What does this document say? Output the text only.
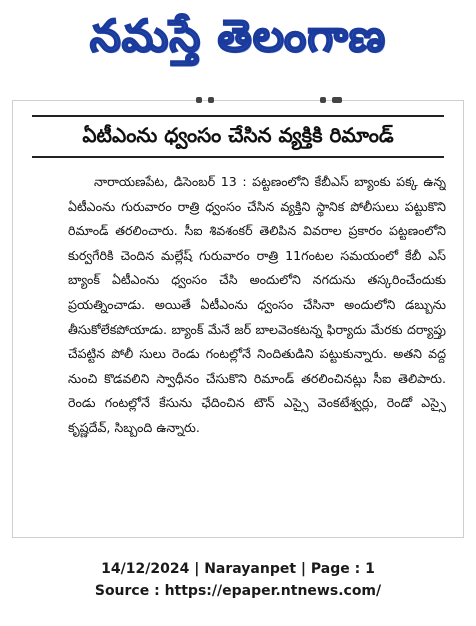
నమస్తే తెలంగాణ
ఏటీఎంను ధ్వంసం చేసిన వ్యక్తికి రిమాండ్

నారాయణపేట, డిసెంబర్ 13 : పట్టణంలోని కేబీఎస్ బ్యాంకు పక్క ఉన్న ఏటీఎంను గురువారం రాత్రి ధ్వంసం చేసిన వ్యక్తిని స్థానిక పోలీసులు పట్టుకొని రిమాండ్ తరలించారు. సీఐ శివశంకర్ తెలిపిన వివరాల ప్రకారం పట్టణంలోని కుర్వగేరికి చెందిన మల్లేష్ గురువారం రాత్రి 11గంటల సమయంలో కేబీ ఎస్ బ్యాంక్ ఏటీఎంను ధ్వంసం చేసి అందులోని నగదును తస్కరించేందుకు ప్రయత్నించాడు. అయితే ఏటీఎంను ధ్వంసం చేసినా అందులోని డబ్బును తీసుకోలేకపోయాడు. బ్యాంక్ మేనే జర్ బాలవెంకటన్న ఫిర్యాదు మేరకు దర్యాప్తు చేపట్టిన పోలీ సులు రెండు గంటల్లోనే నిందితుడిని పట్టుకున్నారు. అతని వద్ద నుంచి కొడవలిని స్వాధీనం చేసుకొని రిమాండ్ తరలించినట్లు సీఐ తెలిపారు. రెండు గంటల్లోనే కేసును ఛేదించిన టౌన్ ఎస్సై వెంకటేశ్వర్లు, రెండో ఎస్సై కృష్ణదేవ్, సిబ్బంది ఉన్నారు.

14/12/2024 | Narayanpet | Page : 1
Source : https://epaper.ntnews.com/
